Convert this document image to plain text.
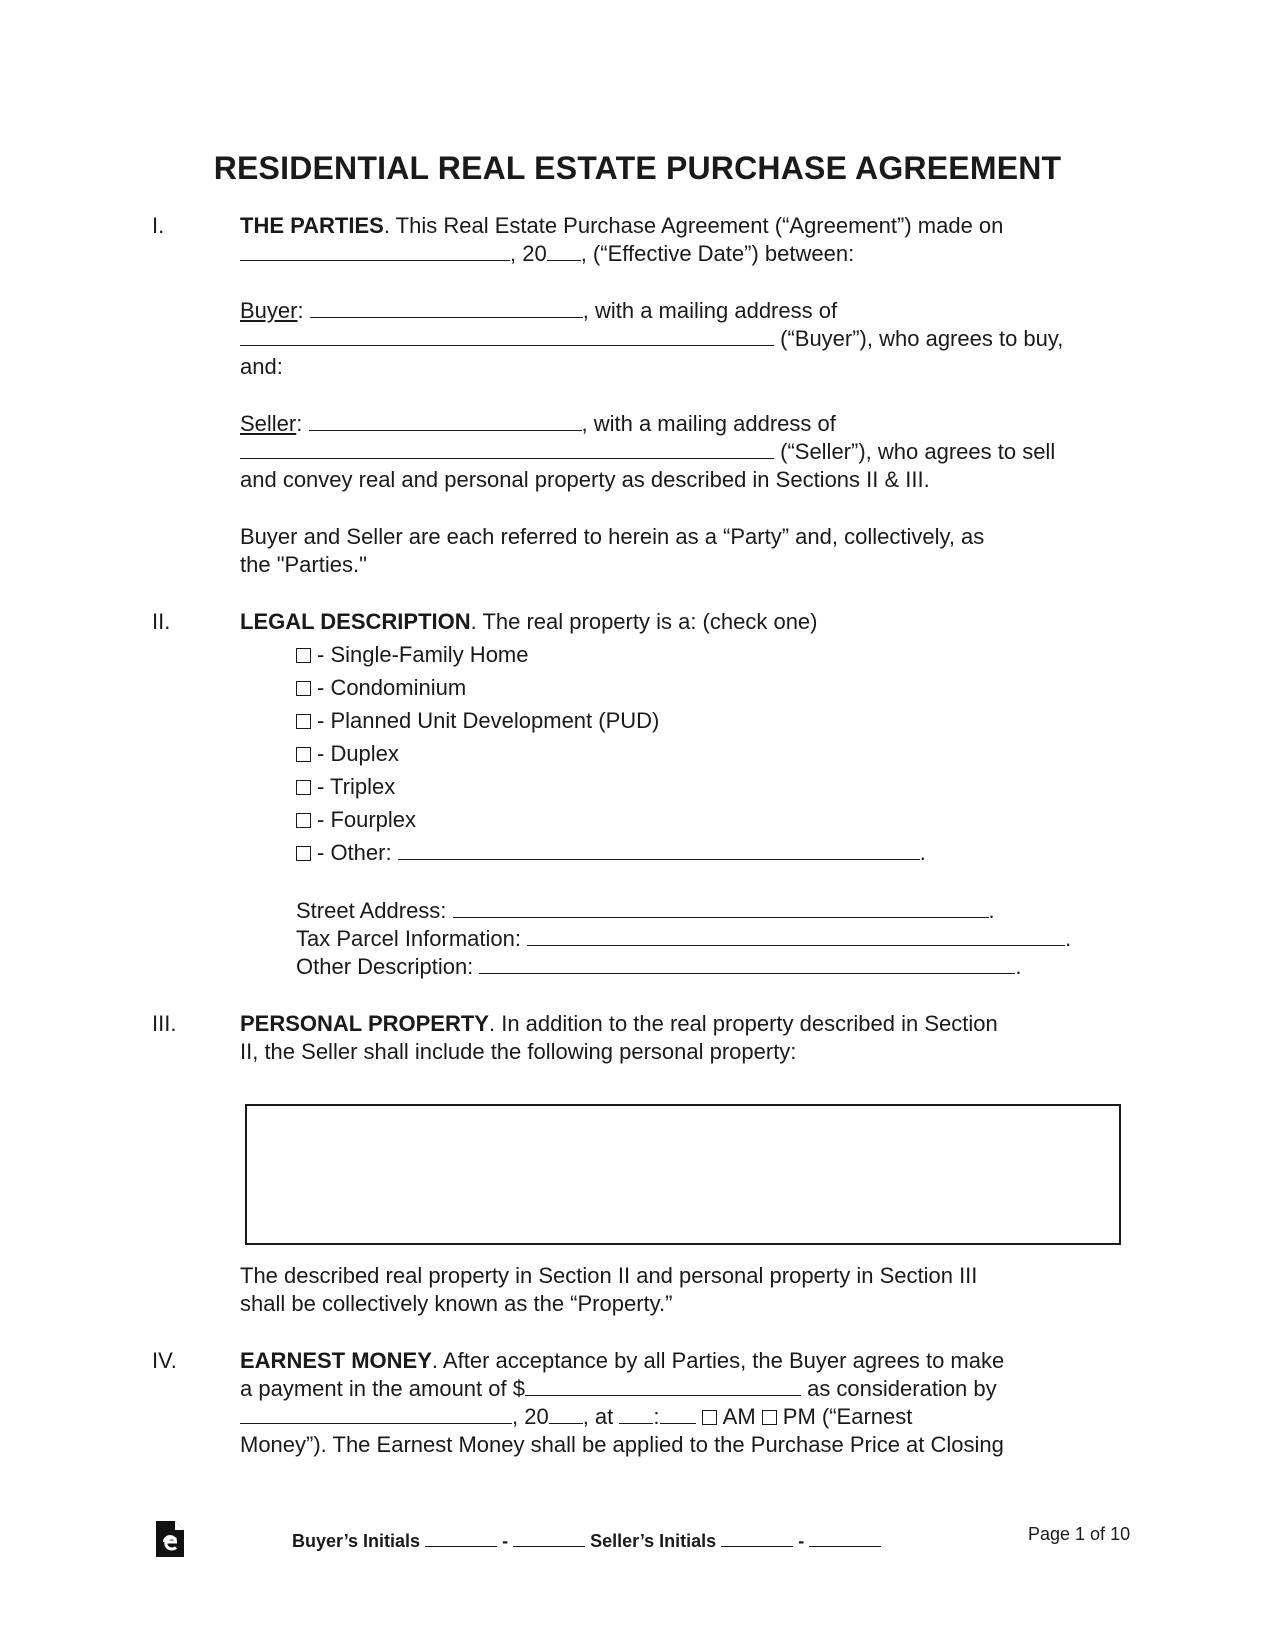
RESIDENTIAL REAL ESTATE PURCHASE AGREEMENT
I.	THE PARTIES. This Real Estate Purchase Agreement (“Agreement”) made on
, 20 , (“Effective Date”) between:
Buyer:	, with a mailing address of
(“Buyer”), who agrees to buy,
and:
Seller:	, with a mailing address of
(“Seller”), who agrees to sell
and convey real and personal property as described in Sections II & III.
Buyer and Seller are each referred to herein as a “Party” and, collectively, as
the "Parties."
II.	LEGAL DESCRIPTION. The real property is a: (check one)
- Single-Family Home
- Condominium
- Planned Unit Development (PUD)
- Duplex
- Triplex
- Fourplex
- Other:	.
Street Address:	.
Tax Parcel Information:	.
Other Description:	.
III.	PERSONAL PROPERTY. In addition to the real property described in Section
II, the Seller shall include the following personal property:
The described real property in Section II and personal property in Section III
shall be collectively known as the “Property.”
IV.	EARNEST MONEY. After acceptance by all Parties, the Buyer agrees to make
a payment in the amount of $	as consideration by
, 20 , at :	AM PM (“Earnest
Money”). The Earnest Money shall be applied to the Purchase Price at Closing
Buyer’s Initials	-	Seller’s Initials	-	Page 1 of 10
